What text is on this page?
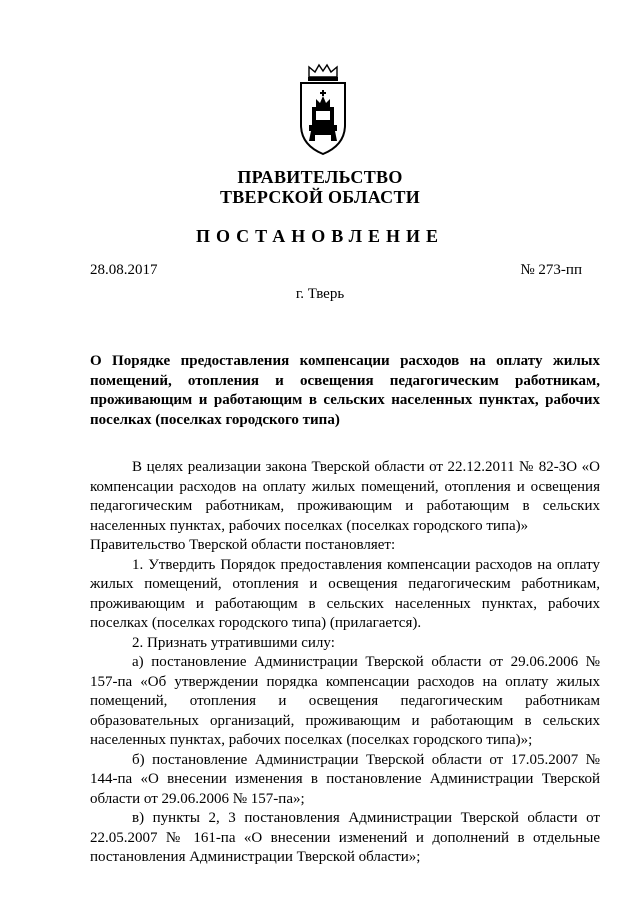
ПРАВИТЕЛЬСТВО
ТВЕРСКОЙ ОБЛАСТИ
ПОСТАНОВЛЕНИЕ
28.08.2017	№ 273-пп
г. Тверь
О Порядке предоставления компенсации расходов на оплату жилых помещений, отопления и освещения педагогическим работникам, проживающим и работающим в сельских населенных пунктах, рабочих поселках (поселках городского типа)

В целях реализации закона Тверской области от 22.12.2011 № 82-ЗО «О компенсации расходов на оплату жилых помещений, отопления и освещения педагогическим работникам, проживающим и работающим в сельских населенных пунктах, рабочих поселках (поселках городского типа)»

Правительство Тверской области постановляет:

1. Утвердить Порядок предоставления компенсации расходов на оплату жилых помещений, отопления и освещения педагогическим работникам, проживающим и работающим в сельских населенных пунктах, рабочих поселках (поселках городского типа) (прилагается).

2. Признать утратившими силу:

а) постановление Администрации Тверской области от 29.06.2006 № 157-па «Об утверждении порядка компенсации расходов на оплату жилых помещений, отопления и освещения педагогическим работникам образовательных организаций, проживающим и работающим в сельских населенных пунктах, рабочих поселках (поселках городского типа)»;

б) постановление Администрации Тверской области от 17.05.2007 № 144-па «О внесении изменения в постановление Администрации Тверской области от 29.06.2006 № 157-па»;

в) пункты 2, 3 постановления Администрации Тверской области от 22.05.2007 № 161-па «О внесении изменений и дополнений в отдельные постановления Администрации Тверской области»;
